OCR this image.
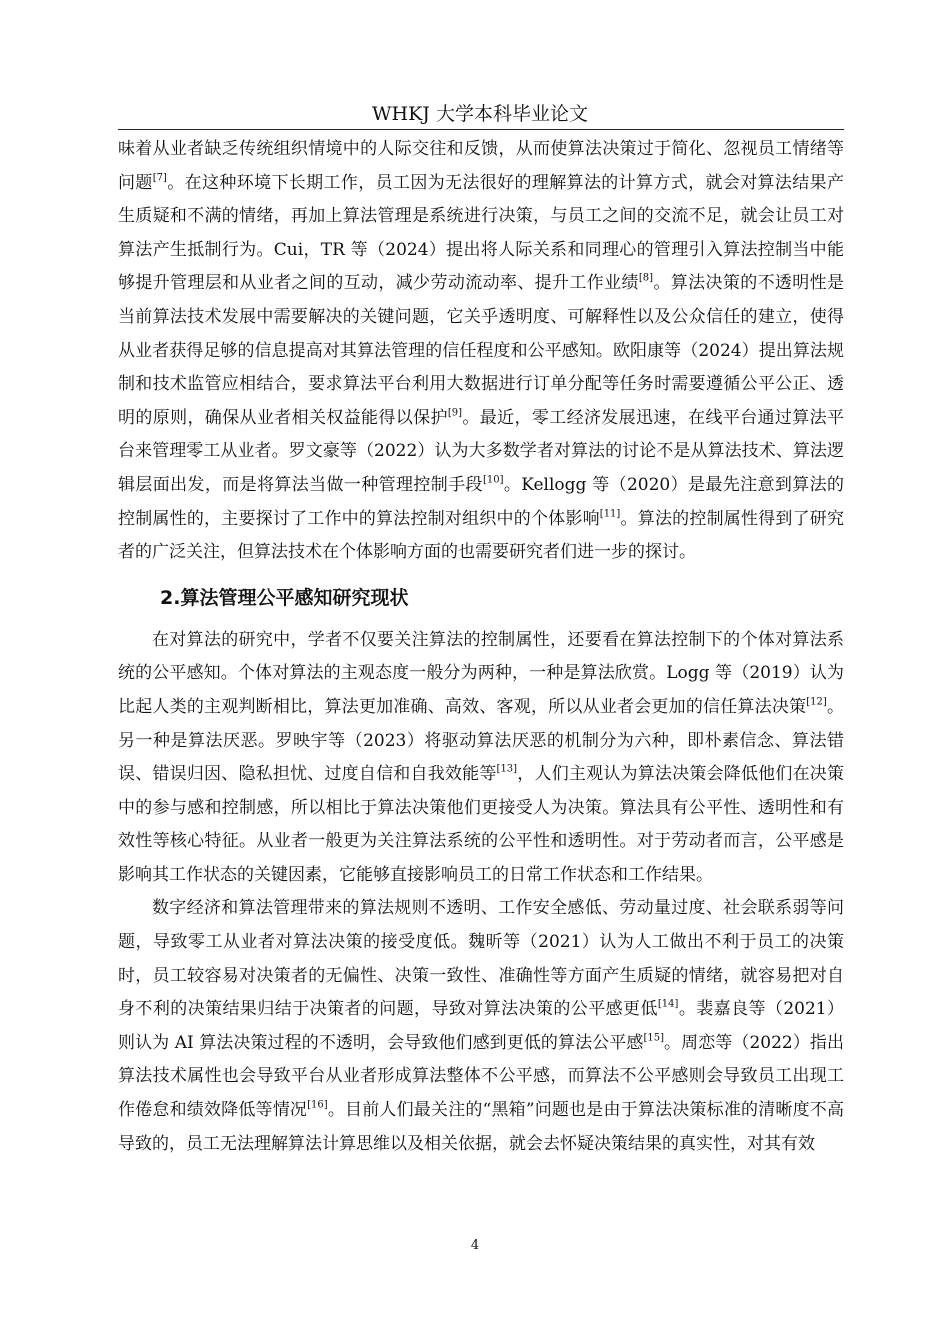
WHKJ 大学本科毕业论文

味着从业者缺乏传统组织情境中的人际交往和反馈，从而使算法决策过于简化、忽视员工情绪等问题[7]。在这种环境下长期工作，员工因为无法很好的理解算法的计算方式，就会对算法结果产生质疑和不满的情绪，再加上算法管理是系统进行决策，与员工之间的交流不足，就会让员工对算法产生抵制行为。Cui，TR 等（2024）提出将人际关系和同理心的管理引入算法控制当中能够提升管理层和从业者之间的互动，减少劳动流动率、提升工作业绩[8]。算法决策的不透明性是当前算法技术发展中需要解决的关键问题，它关乎透明度、可解释性以及公众信任的建立，使得从业者获得足够的信息提高对其算法管理的信任程度和公平感知。欧阳康等（2024）提出算法规制和技术监管应相结合，要求算法平台利用大数据进行订单分配等任务时需要遵循公平公正、透明的原则，确保从业者相关权益能得以保护[9]。最近，零工经济发展迅速，在线平台通过算法平台来管理零工从业者。罗文豪等（2022）认为大多数学者对算法的讨论不是从算法技术、算法逻辑层面出发，而是将算法当做一种管理控制手段[10]。Kellogg 等（2020）是最先注意到算法的控制属性的，主要探讨了工作中的算法控制对组织中的个体影响[11]。算法的控制属性得到了研究者的广泛关注，但算法技术在个体影响方面的也需要研究者们进一步的探讨。

2.算法管理公平感知研究现状

在对算法的研究中，学者不仅要关注算法的控制属性，还要看在算法控制下的个体对算法系统的公平感知。个体对算法的主观态度一般分为两种，一种是算法欣赏。Logg 等（2019）认为比起人类的主观判断相比，算法更加准确、高效、客观，所以从业者会更加的信任算法决策[12]。另一种是算法厌恶。罗映宇等（2023）将驱动算法厌恶的机制分为六种，即朴素信念、算法错误、错误归因、隐私担忧、过度自信和自我效能等[13]，人们主观认为算法决策会降低他们在决策中的参与感和控制感，所以相比于算法决策他们更接受人为决策。算法具有公平性、透明性和有效性等核心特征。从业者一般更为关注算法系统的公平性和透明性。对于劳动者而言，公平感是影响其工作状态的关键因素，它能够直接影响员工的日常工作状态和工作结果。

数字经济和算法管理带来的算法规则不透明、工作安全感低、劳动量过度、社会联系弱等问题，导致零工从业者对算法决策的接受度低。魏昕等（2021）认为人工做出不利于员工的决策时，员工较容易对决策者的无偏性、决策一致性、准确性等方面产生质疑的情绪，就容易把对自身不利的决策结果归结于决策者的问题，导致对算法决策的公平感更低[14]。裴嘉良等（2021）则认为 AI 算法决策过程的不透明，会导致他们感到更低的算法公平感[15]。周恋等（2022）指出算法技术属性也会导致平台从业者形成算法整体不公平感，而算法不公平感则会导致员工出现工作倦怠和绩效降低等情况[16]。目前人们最关注的“黑箱”问题也是由于算法决策标准的清晰度不高导致的，员工无法理解算法计算思维以及相关依据，就会去怀疑决策结果的真实性，对其有效

4
